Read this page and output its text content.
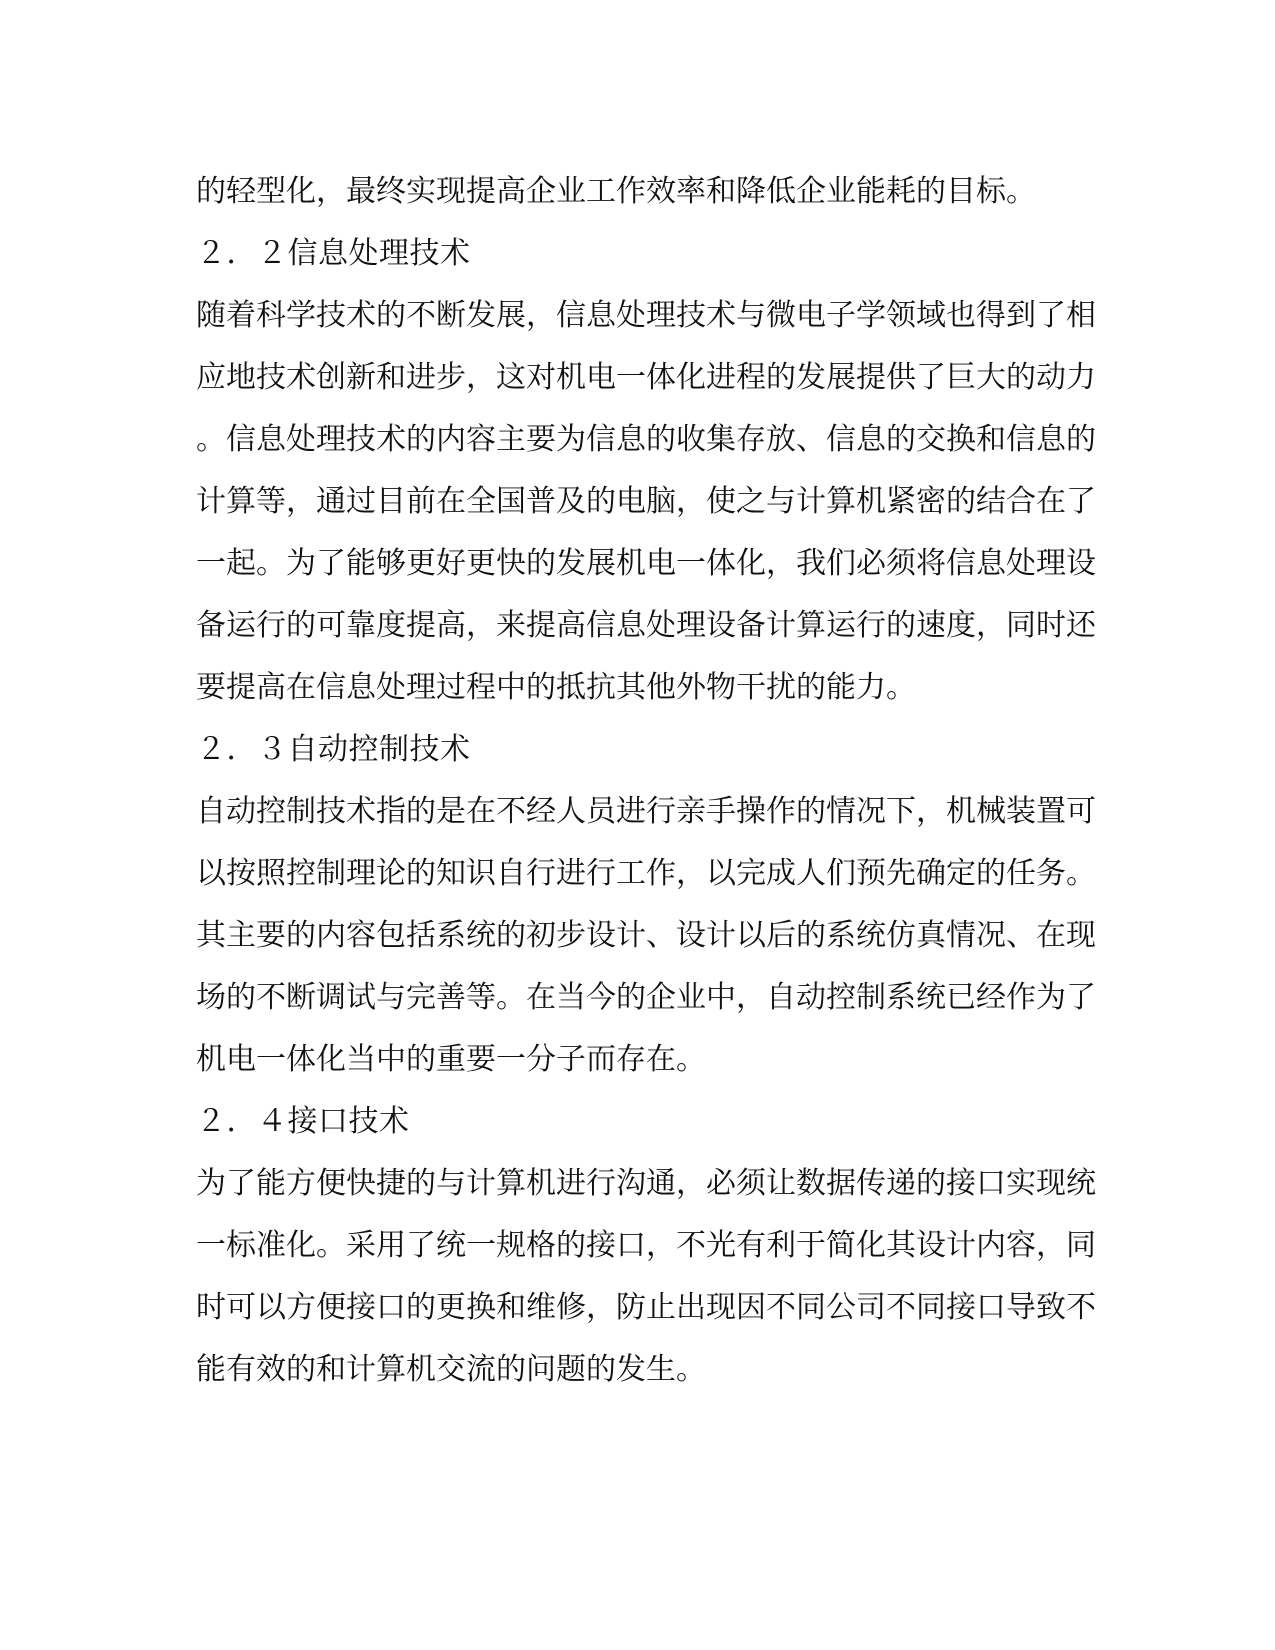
的轻型化，最终实现提高企业工作效率和降低企业能耗的目标。

２．２信息处理技术

随着科学技术的不断发展，信息处理技术与微电子学领域也得到了相

应地技术创新和进步，这对机电一体化进程的发展提供了巨大的动力

。信息处理技术的内容主要为信息的收集存放、信息的交换和信息的

计算等，通过目前在全国普及的电脑，使之与计算机紧密的结合在了

一起。为了能够更好更快的发展机电一体化，我们必须将信息处理设

备运行的可靠度提高，来提高信息处理设备计算运行的速度，同时还

要提高在信息处理过程中的抵抗其他外物干扰的能力。

２．３自动控制技术

自动控制技术指的是在不经人员进行亲手操作的情况下，机械装置可

以按照控制理论的知识自行进行工作，以完成人们预先确定的任务。

其主要的内容包括系统的初步设计、设计以后的系统仿真情况、在现

场的不断调试与完善等。在当今的企业中，自动控制系统已经作为了

机电一体化当中的重要一分子而存在。

２．４接口技术

为了能方便快捷的与计算机进行沟通，必须让数据传递的接口实现统

一标准化。采用了统一规格的接口，不光有利于简化其设计内容，同

时可以方便接口的更换和维修，防止出现因不同公司不同接口导致不

能有效的和计算机交流的问题的发生。
